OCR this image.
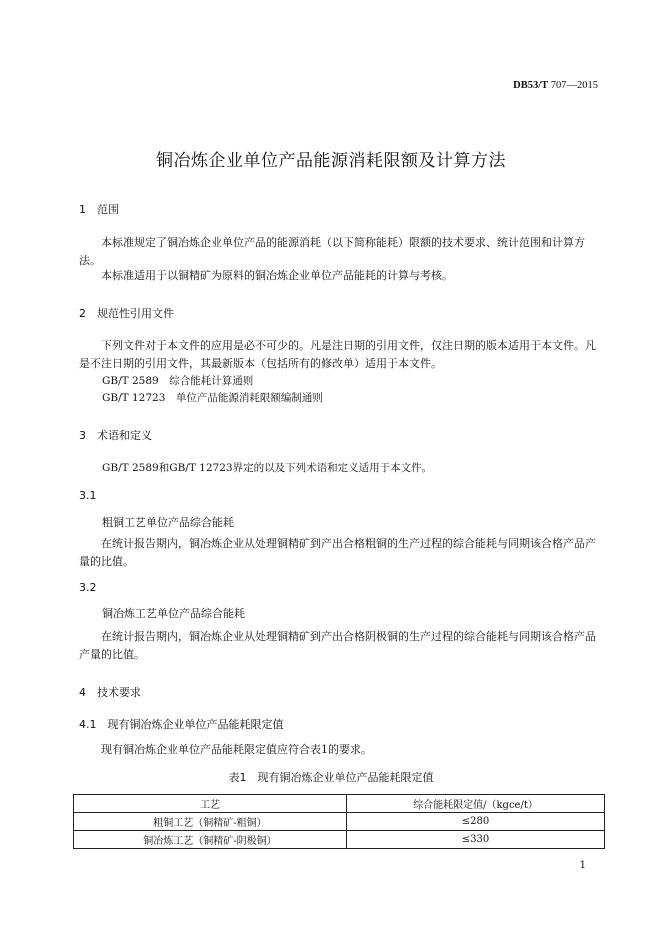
DB53/T 707—2015
铜冶炼企业单位产品能源消耗限额及计算方法
1　范围
本标准规定了铜冶炼企业单位产品的能源消耗（以下简称能耗）限额的技术要求、统计范围和计算方法。
本标准适用于以铜精矿为原料的铜冶炼企业单位产品能耗的计算与考核。
2　规范性引用文件
下列文件对于本文件的应用是必不可少的。凡是注日期的引用文件，仅注日期的版本适用于本文件。凡是不注日期的引用文件，其最新版本（包括所有的修改单）适用于本文件。
GB/T 2589　综合能耗计算通则
GB/T 12723　单位产品能源消耗限额编制通则
3　术语和定义
GB/T 2589和GB/T 12723界定的以及下列术语和定义适用于本文件。
3.1
粗铜工艺单位产品综合能耗
在统计报告期内，铜冶炼企业从处理铜精矿到产出合格粗铜的生产过程的综合能耗与同期该合格产品产量的比值。
3.2
铜冶炼工艺单位产品综合能耗
在统计报告期内，铜冶炼企业从处理铜精矿到产出合格阴极铜的生产过程的综合能耗与同期该合格产品产量的比值。
4　技术要求
4.1　现有铜冶炼企业单位产品能耗限定值
现有铜冶炼企业单位产品能耗限定值应符合表1的要求。
表1　现有铜冶炼企业单位产品能耗限定值
工艺	综合能耗限定值/（kgce/t）
粗铜工艺（铜精矿-粗铜）	≤280
铜冶炼工艺（铜精矿-阴极铜）	≤330
1
